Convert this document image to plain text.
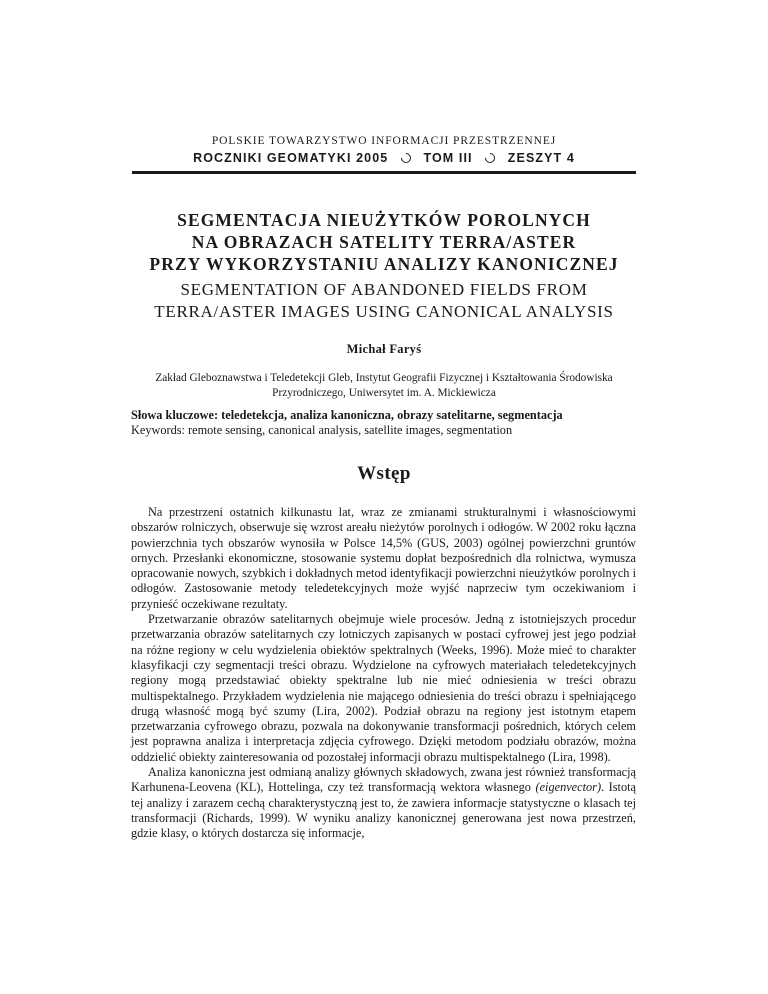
POLSKIE TOWARZYSTWO INFORMACJI PRZESTRZENNEJ
ROCZNIKI GEOMATYKI 2005	TOM III	ZESZYT 4
SEGMENTACJA NIEUŻYTKÓW POROLNYCH
NA OBRAZACH SATELITY TERRA/ASTER
PRZY WYKORZYSTANIU ANALIZY KANONICZNEJ
SEGMENTATION OF ABANDONED FIELDS FROM
TERRA/ASTER IMAGES USING CANONICAL ANALYSIS
Michał Faryś
Zakład Gleboznawstwa i Teledetekcji Gleb, Instytut Geografii Fizycznej i Kształtowania Środowiska
Przyrodniczego, Uniwersytet im. A. Mickiewicza
Słowa kluczowe: teledetekcja, analiza kanoniczna, obrazy satelitarne, segmentacja
Keywords: remote sensing, canonical analysis, satellite images, segmentation
Wstęp

Na przestrzeni ostatnich kilkunastu lat, wraz ze zmianami strukturalnymi i własnościowymi obszarów rolniczych, obserwuje się wzrost areału nieżytów porolnych i odłogów. W 2002 roku łączna powierzchnia tych obszarów wynosiła w Polsce 14,5% (GUS, 2003) ogólnej powierzchni gruntów ornych. Przesłanki ekonomiczne, stosowanie systemu dopłat bezpośrednich dla rolnictwa, wymusza opracowanie nowych, szybkich i dokładnych metod identyfikacji powierzchni nieużytków porolnych i odłogów. Zastosowanie metody teledetekcyjnych może wyjść naprzeciw tym oczekiwaniom i przynieść oczekiwane rezultaty.

Przetwarzanie obrazów satelitarnych obejmuje wiele procesów. Jedną z istotniejszych procedur przetwarzania obrazów satelitarnych czy lotniczych zapisanych w postaci cyfrowej jest jego podział na różne regiony w celu wydzielenia obiektów spektralnych (Weeks, 1996). Może mieć to charakter klasyfikacji czy segmentacji treści obrazu. Wydzielone na cyfrowych materiałach teledetekcyjnych regiony mogą przedstawiać obiekty spektralne lub nie mieć odniesienia w treści obrazu multispektalnego. Przykładem wydzielenia nie mającego odniesienia do treści obrazu i spełniającego drugą własność mogą być szumy (Lira, 2002). Podział obrazu na regiony jest istotnym etapem przetwarzania cyfrowego obrazu, pozwala na dokonywanie transformacji pośrednich, których celem jest poprawna analiza i interpretacja zdjęcia cyfrowego. Dzięki metodom podziału obrazów, można oddzielić obiekty zainteresowania od pozostałej informacji obrazu multispektalnego (Lira, 1998).

Analiza kanoniczna jest odmianą analizy głównych składowych, zwana jest również transformacją Karhunena-Leovena (KL), Hottelinga, czy też transformacją wektora własnego (eigenvector). Istotą tej analizy i zarazem cechą charakterystyczną jest to, że zawiera informacje statystyczne o klasach tej transformacji (Richards, 1999). W wyniku analizy kanonicznej generowana jest nowa przestrzeń, gdzie klasy, o których dostarcza się informacje,
